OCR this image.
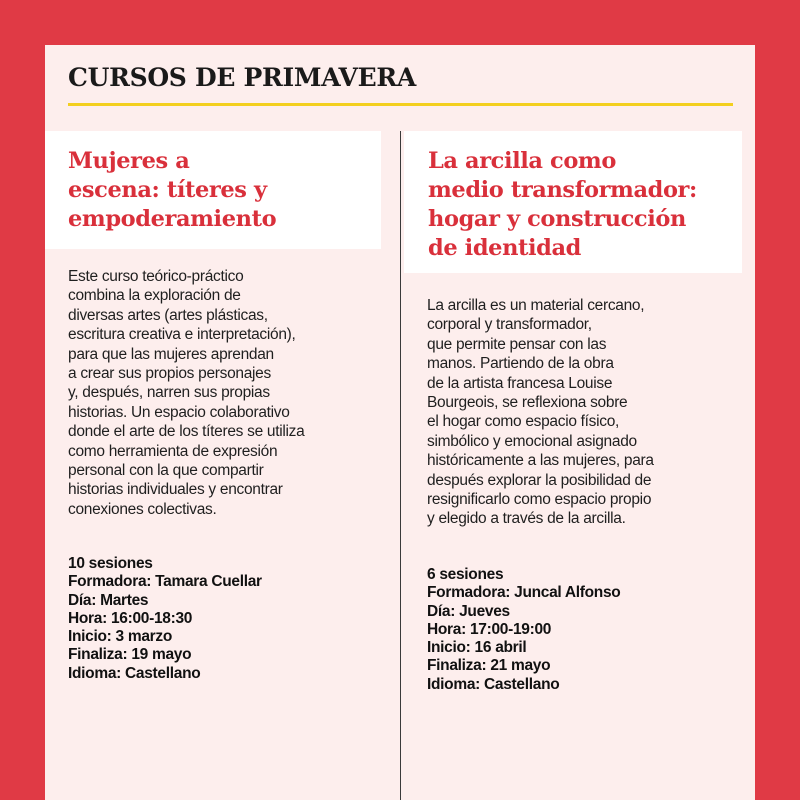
CURSOS DE PRIMAVERA
Mujeres a
escena: títeres y
empoderamiento
La arcilla como
medio transformador:
hogar y construcción
de identidad

Este curso teórico-práctico
combina la exploración de
diversas artes (artes plásticas,
escritura creativa e interpretación),
para que las mujeres aprendan
a crear sus propios personajes
y, después, narren sus propias
historias. Un espacio colaborativo
donde el arte de los títeres se utiliza
como herramienta de expresión
personal con la que compartir
historias individuales y encontrar
conexiones colectivas.

La arcilla es un material cercano,
corporal y transformador,
que permite pensar con las
manos. Partiendo de la obra
de la artista francesa Louise
Bourgeois, se reflexiona sobre
el hogar como espacio físico,
simbólico y emocional asignado
históricamente a las mujeres, para
después explorar la posibilidad de
resignificarlo como espacio propio
y elegido a través de la arcilla.

10 sesiones
Formadora: Tamara Cuellar
Día: Martes
Hora: 16:00-18:30
Inicio: 3 marzo
Finaliza: 19 mayo
Idioma: Castellano
6 sesiones
Formadora: Juncal Alfonso
Día: Jueves
Hora: 17:00-19:00
Inicio: 16 abril
Finaliza: 21 mayo
Idioma: Castellano
